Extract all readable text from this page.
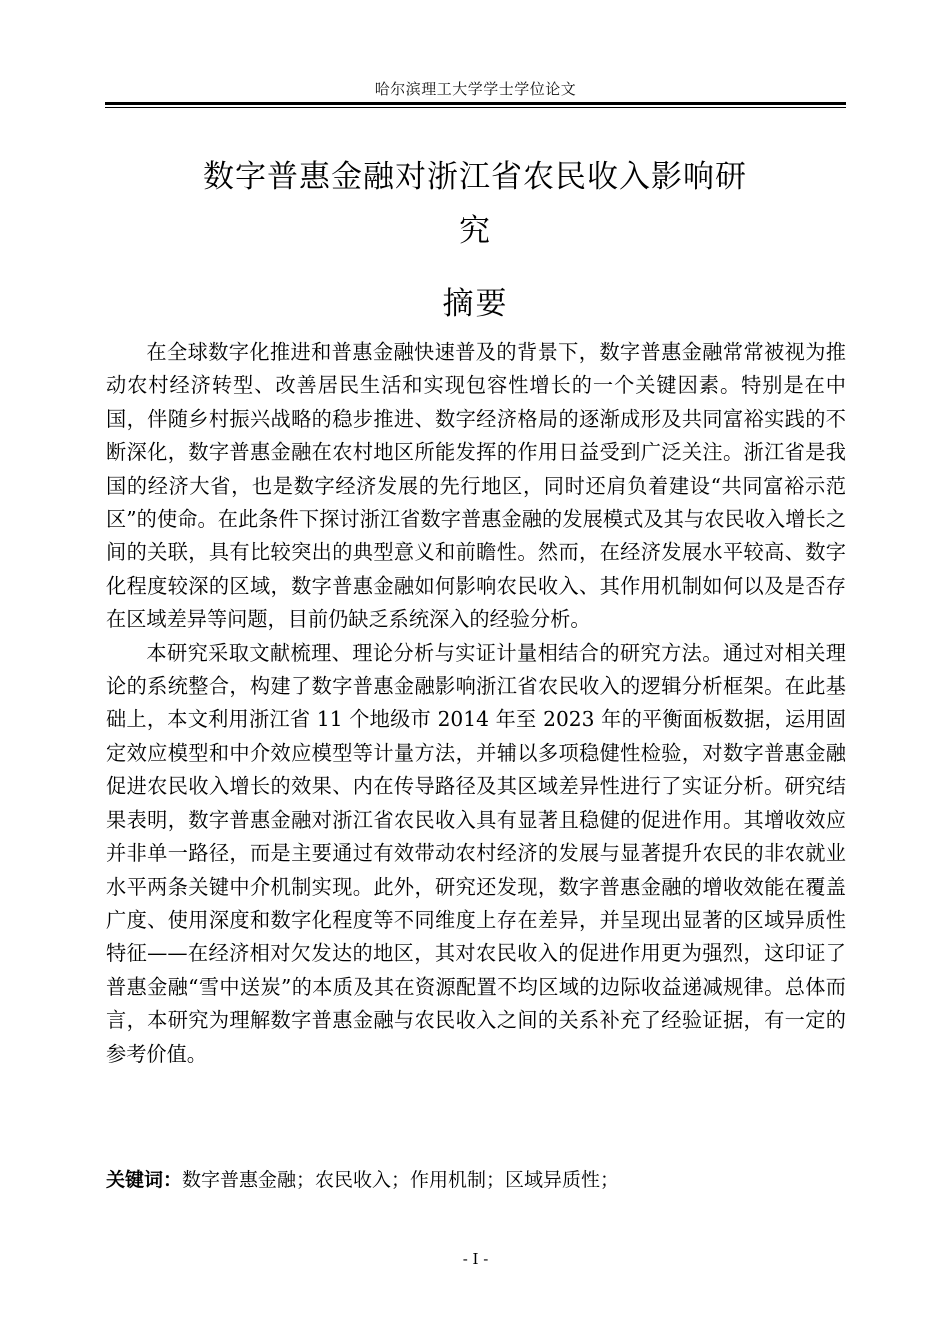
哈尔滨理工大学学士学位论文
数字普惠金融对浙江省农民收入影响研
究
摘要

在全球数字化推进和普惠金融快速普及的背景下，数字普惠金融常常被视为推动农村经济转型、改善居民生活和实现包容性增长的一个关键因素。特别是在中国，伴随乡村振兴战略的稳步推进、数字经济格局的逐渐成形及共同富裕实践的不断深化，数字普惠金融在农村地区所能发挥的作用日益受到广泛关注。浙江省是我国的经济大省，也是数字经济发展的先行地区，同时还肩负着建设“共同富裕示范区”的使命。在此条件下探讨浙江省数字普惠金融的发展模式及其与农民收入增长之间的关联，具有比较突出的典型意义和前瞻性。然而，在经济发展水平较高、数字化程度较深的区域，数字普惠金融如何影响农民收入、其作用机制如何以及是否存在区域差异等问题，目前仍缺乏系统深入的经验分析。

本研究采取文献梳理、理论分析与实证计量相结合的研究方法。通过对相关理论的系统整合，构建了数字普惠金融影响浙江省农民收入的逻辑分析框架。在此基础上，本文利用浙江省 11 个地级市 2014 年至 2023 年的平衡面板数据，运用固定效应模型和中介效应模型等计量方法，并辅以多项稳健性检验，对数字普惠金融促进农民收入增长的效果、内在传导路径及其区域差异性进行了实证分析。研究结果表明，数字普惠金融对浙江省农民收入具有显著且稳健的促进作用。其增收效应并非单一路径，而是主要通过有效带动农村经济的发展与显著提升农民的非农就业水平两条关键中介机制实现。此外，研究还发现，数字普惠金融的增收效能在覆盖广度、使用深度和数字化程度等不同维度上存在差异，并呈现出显著的区域异质性特征——在经济相对欠发达的地区，其对农民收入的促进作用更为强烈，这印证了普惠金融“雪中送炭”的本质及其在资源配置不均区域的边际收益递减规律。总体而言，本研究为理解数字普惠金融与农民收入之间的关系补充了经验证据，有一定的参考价值。

关键词：数字普惠金融；农民收入；作用机制；区域异质性；
- I -
